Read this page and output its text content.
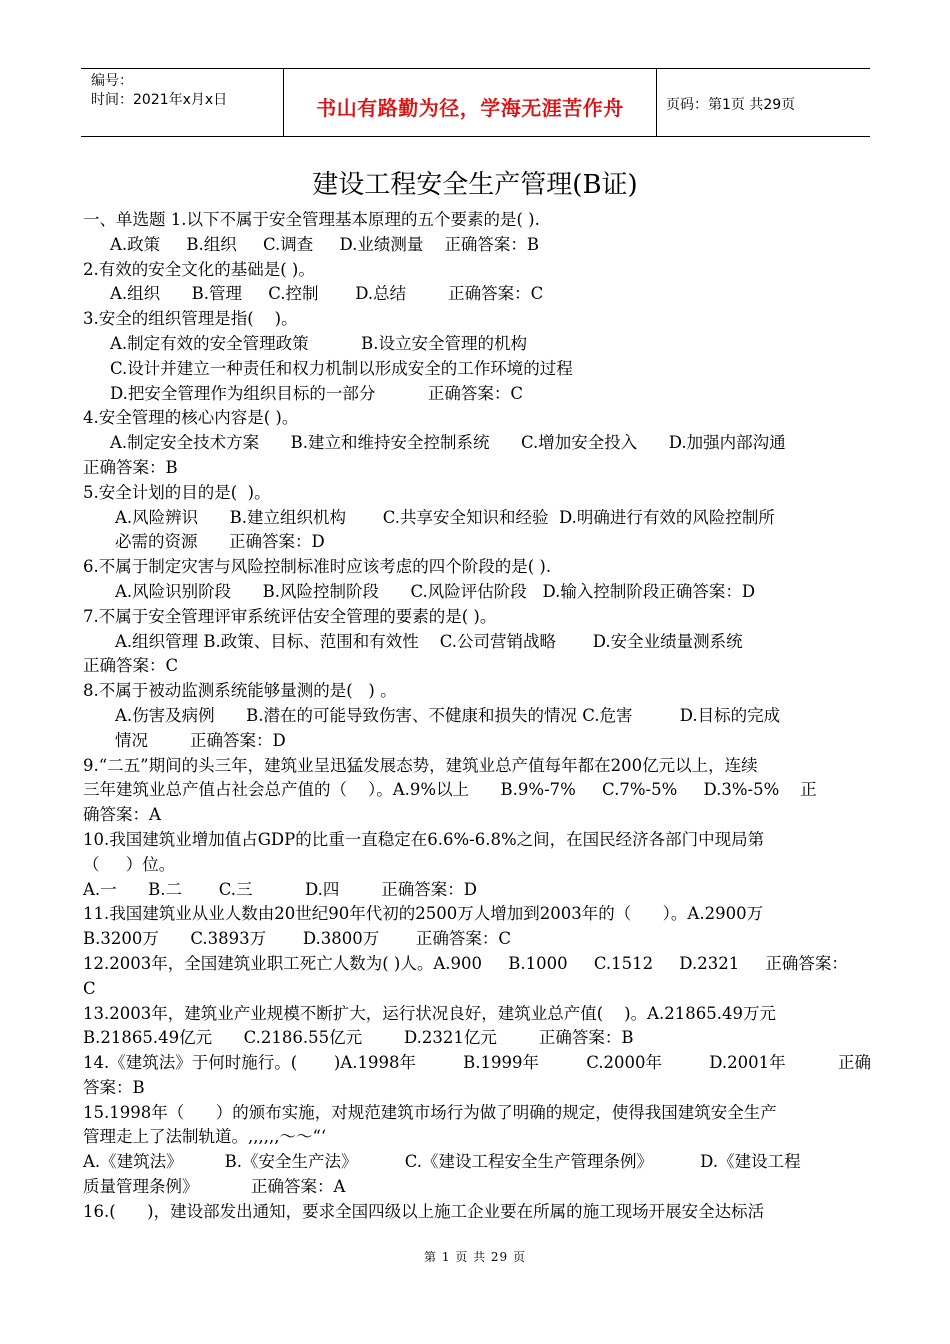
编号：
时间：2021年x月x日	书山有路勤为径，学海无涯苦作舟	页码：第1页 共29页
建设工程安全生产管理(B证)
一、单选题 1.以下不属于安全管理基本原理的五个要素的是( ).
A.政策     B.组织     C.调查     D.业绩测量    正确答案：B
2.有效的安全文化的基础是( )。
A.组织      B.管理     C.控制       D.总结        正确答案：C
3.安全的组织管理是指(    )。
A.制定有效的安全管理政策          B.设立安全管理的机构
C.设计并建立一种责任和权力机制以形成安全的工作环境的过程
D.把安全管理作为组织目标的一部分          正确答案：C
4.安全管理的核心内容是( )。
A.制定安全技术方案      B.建立和维持安全控制系统      C.增加安全投入      D.加强内部沟通
正确答案：B
5.安全计划的目的是(  )。
A.风险辨识      B.建立组织机构       C.共享安全知识和经验  D.明确进行有效的风险控制所
必需的资源      正确答案：D
6.不属于制定灾害与风险控制标准时应该考虑的四个阶段的是( ).
A.风险识别阶段      B.风险控制阶段      C.风险评估阶段   D.输入控制阶段正确答案：D
7.不属于安全管理评审系统评估安全管理的要素的是( )。
A.组织管理 B.政策、目标、范围和有效性    C.公司营销战略       D.安全业绩量测系统
正确答案：C
8.不属于被动监测系统能够量测的是(   ) 。
A.伤害及病例      B.潜在的可能导致伤害、不健康和损失的情况 C.危害         D.目标的完成
情况        正确答案：D
9.“二五”期间的头三年，建筑业呈迅猛发展态势，建筑业总产值每年都在200亿元以上，连续
三年建筑业总产值占社会总产值的（    ）。A.9%以上      B.9%-7%     C.7%-5%     D.3%-5%    正
确答案：A
10.我国建筑业增加值占GDP的比重一直稳定在6.6%-6.8%之间，在国民经济各部门中现局第
（     ）位。
A.一      B.二       C.三          D.四        正确答案：D
11.我国建筑业从业人数由20世纪90年代初的2500万人增加到2003年的（      ）。A.2900万
B.3200万      C.3893万       D.3800万       正确答案：C
12.2003年，全国建筑业职工死亡人数为( )人。A.900     B.1000     C.1512     D.2321     正确答案：
C
13.2003年，建筑业产业规模不断扩大，运行状况良好，建筑业总产值(    )。A.21865.49万元
B.21865.49亿元      C.2186.55亿元        D.2321亿元        正确答案：B
14.《建筑法》于何时施行。(       )A.1998年         B.1999年         C.2000年         D.2001年          正确
答案：B
15.1998年（      ）的颁布实施，对规范建筑市场行为做了明确的规定，使得我国建筑安全生产
管理走上了法制轨道。,,,,,,～～“‘
A.《建筑法》        B.《安全生产法》         C.《建设工程安全生产管理条例》         D.《建设工程
质量管理条例》          正确答案：A
16.(      )，建设部发出通知，要求全国四级以上施工企业要在所属的施工现场开展安全达标活
第 1 页 共 29 页
